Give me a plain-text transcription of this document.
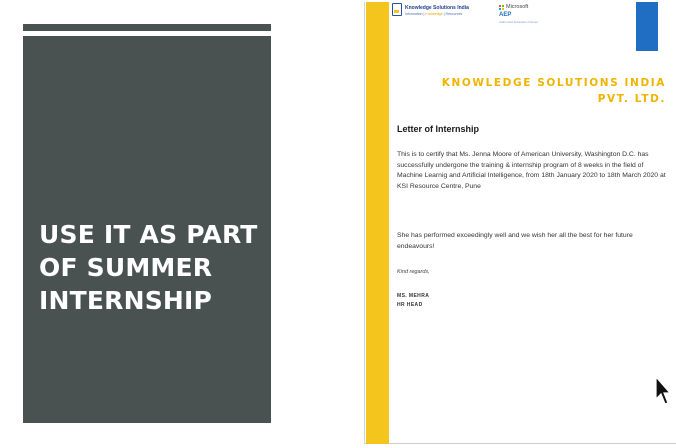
USE IT AS PART
OF SUMMER
INTERNSHIP
Knowledge Solutions India
Information | Knowledge | Resources
Microsoft
AEP
Authorized Education Partner
KNOWLEDGE SOLUTIONS INDIA
PVT. LTD.
Letter of Internship
This is to certify that Ms. Jenna Moore of American University, Washington D.C. has successfully undergone the training & internship program of 8 weeks in the field of Machine Learnig and Artificial Intelligence, from 18th January 2020 to 18th March 2020 at KSI Resource Centre, Pune
She has performed exceedingly well and we wish her all the best for her future endeavours!
Kind regards,
MS. MEHRA
HR HEAD
